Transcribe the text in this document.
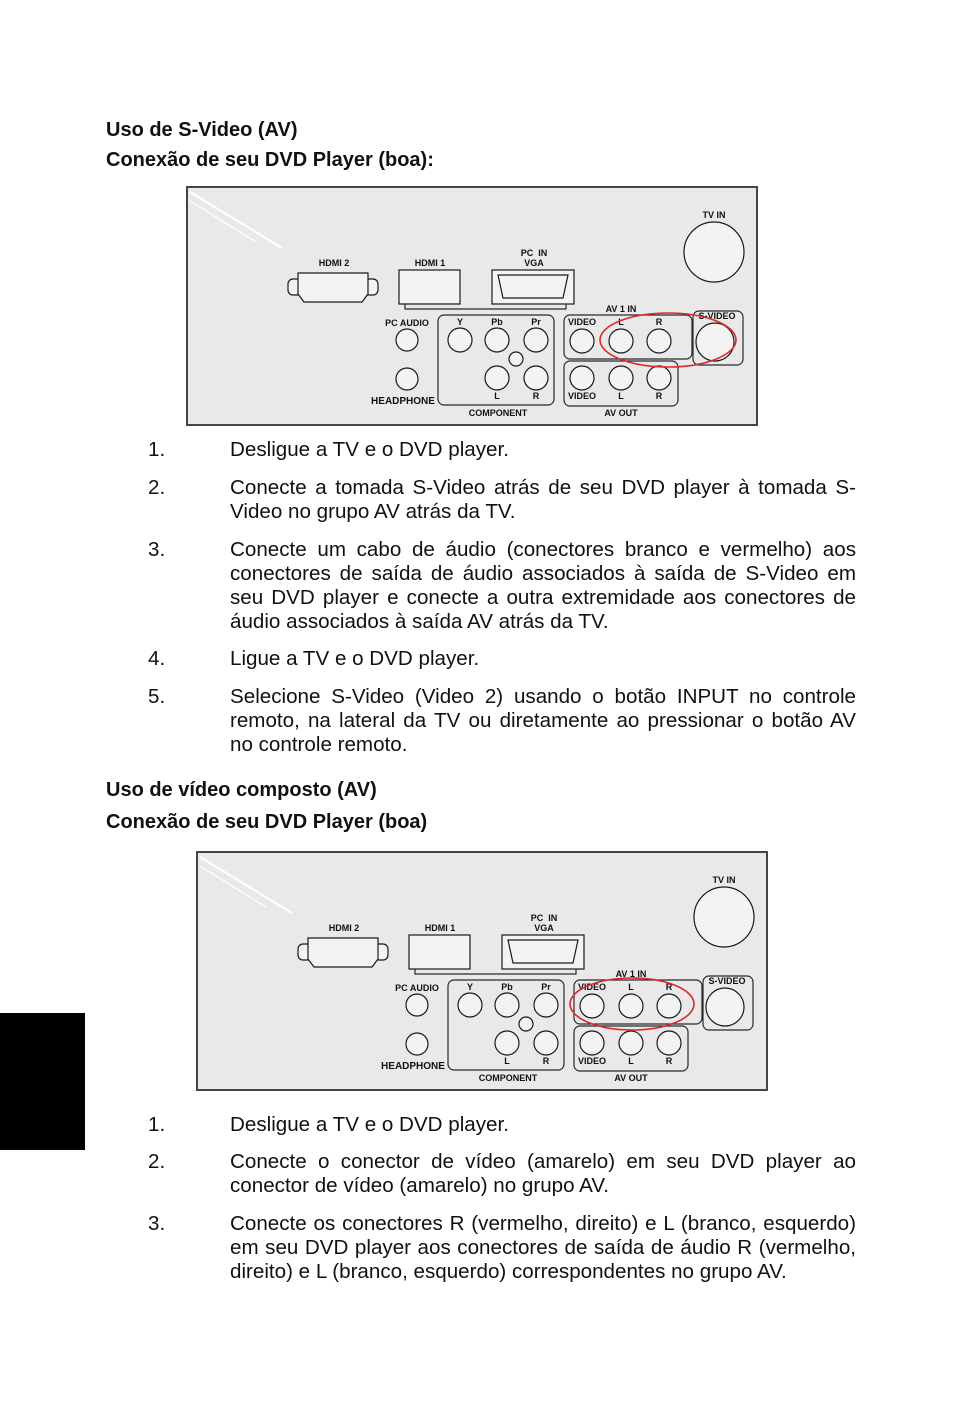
Uso de S-Video (AV)
Conexão de seu DVD Player (boa):
TV IN
HDMI 2	HDMI 1
PC  IN
VGA
PC AUDIO
HEADPHONE
Y	Pb	Pr
L	R
COMPONENT
AV 1 IN
VIDEO L	R
S-VIDEO
VIDEO L	R
AV OUT
1.	Desligue a TV e o DVD player.

2.	Conecte a tomada S-Video atrás de seu DVD player à tomada S-Video no grupo AV atrás da TV.

3.	Conecte um cabo de áudio (conectores branco e vermelho) aos conectores de saída de áudio associados à saída de S-Video em seu DVD player e conecte a outra extremidade aos conectores de áudio associados à saída AV atrás da TV.

4.	Ligue a TV e o DVD player.

5.	Selecione S-Video (Video 2) usando o botão INPUT no controle remoto, na lateral da TV ou diretamente ao pressionar o botão AV no controle remoto.

Uso de vídeo composto (AV)
Conexão de seu DVD Player (boa)
TV IN
HDMI 2	HDMI 1
PC  IN
VGA
PC AUDIO
HEADPHONE
Y	Pb	Pr
L	R
COMPONENT
AV 1 IN
VIDEO L	R
S-VIDEO
VIDEO L	R
AV OUT
1.	Desligue a TV e o DVD player.

2.	Conecte o conector de vídeo (amarelo) em seu DVD player ao conector de vídeo (amarelo) no grupo AV.

3.	Conecte os conectores R (vermelho, direito) e L (branco, esquerdo) em seu DVD player aos conectores de saída de áudio R (vermelho, direito) e L (branco, esquerdo) correspondentes no grupo AV.
